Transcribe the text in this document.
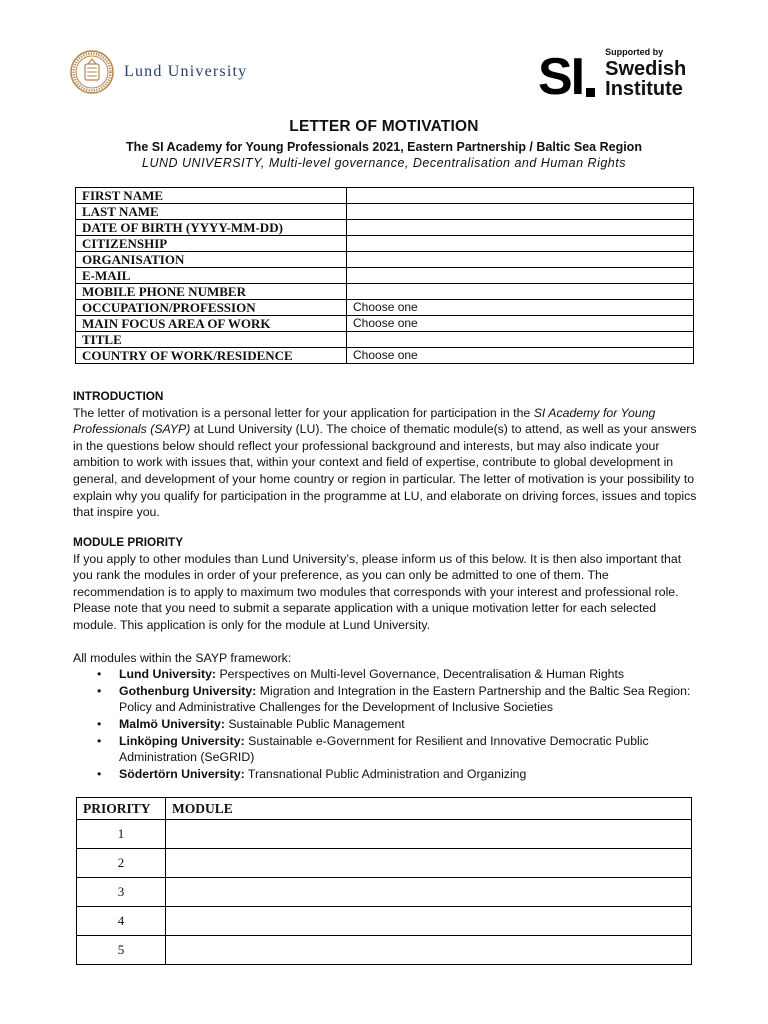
Lund University	SI Supported by
Swedish
Institute
LETTER OF MOTIVATION
The SI Academy for Young Professionals 2021, Eastern Partnership / Baltic Sea Region
LUND UNIVERSITY, Multi-level governance, Decentralisation and Human Rights
FIRST NAME	
LAST NAME	
DATE OF BIRTH (YYYY-MM-DD)	
CITIZENSHIP	
ORGANISATION	
E-MAIL	
MOBILE PHONE NUMBER	
OCCUPATION/PROFESSION	Choose one
MAIN FOCUS AREA OF WORK	Choose one
TITLE	
COUNTRY OF WORK/RESIDENCE	Choose one

INTRODUCTION

The letter of motivation is a personal letter for your application for participation in the SI Academy for Young Professionals (SAYP) at Lund University (LU). The choice of thematic module(s) to attend, as well as your answers in the questions below should reflect your professional background and interests, but may also indicate your ambition to work with issues that, within your context and field of expertise, contribute to global development in general, and development of your home country or region in particular. The letter of motivation is your possibility to explain why you qualify for participation in the programme at LU, and elaborate on driving forces, issues and topics that inspire you.

MODULE PRIORITY

If you apply to other modules than Lund University’s, please inform us of this below. It is then also important that you rank the modules in order of your preference, as you can only be admitted to one of them. The recommendation is to apply to maximum two modules that corresponds with your interest and professional role. Please note that you need to submit a separate application with a unique motivation letter for each selected module. This application is only for the module at Lund University.

All modules within the SAYP framework:

• Lund University: Perspectives on Multi-level Governance, Decentralisation & Human Rights
• Gothenburg University: Migration and Integration in the Eastern Partnership and the Baltic Sea Region: Policy and Administrative Challenges for the Development of Inclusive Societies
• Malmö University: Sustainable Public Management
• Linköping University: Sustainable e-Government for Resilient and Innovative Democratic Public Administration (SeGRID)
• Södertörn University: Transnational Public Administration and Organizing
PRIORITY	MODULE
1	
2	
3	
4	
5	
